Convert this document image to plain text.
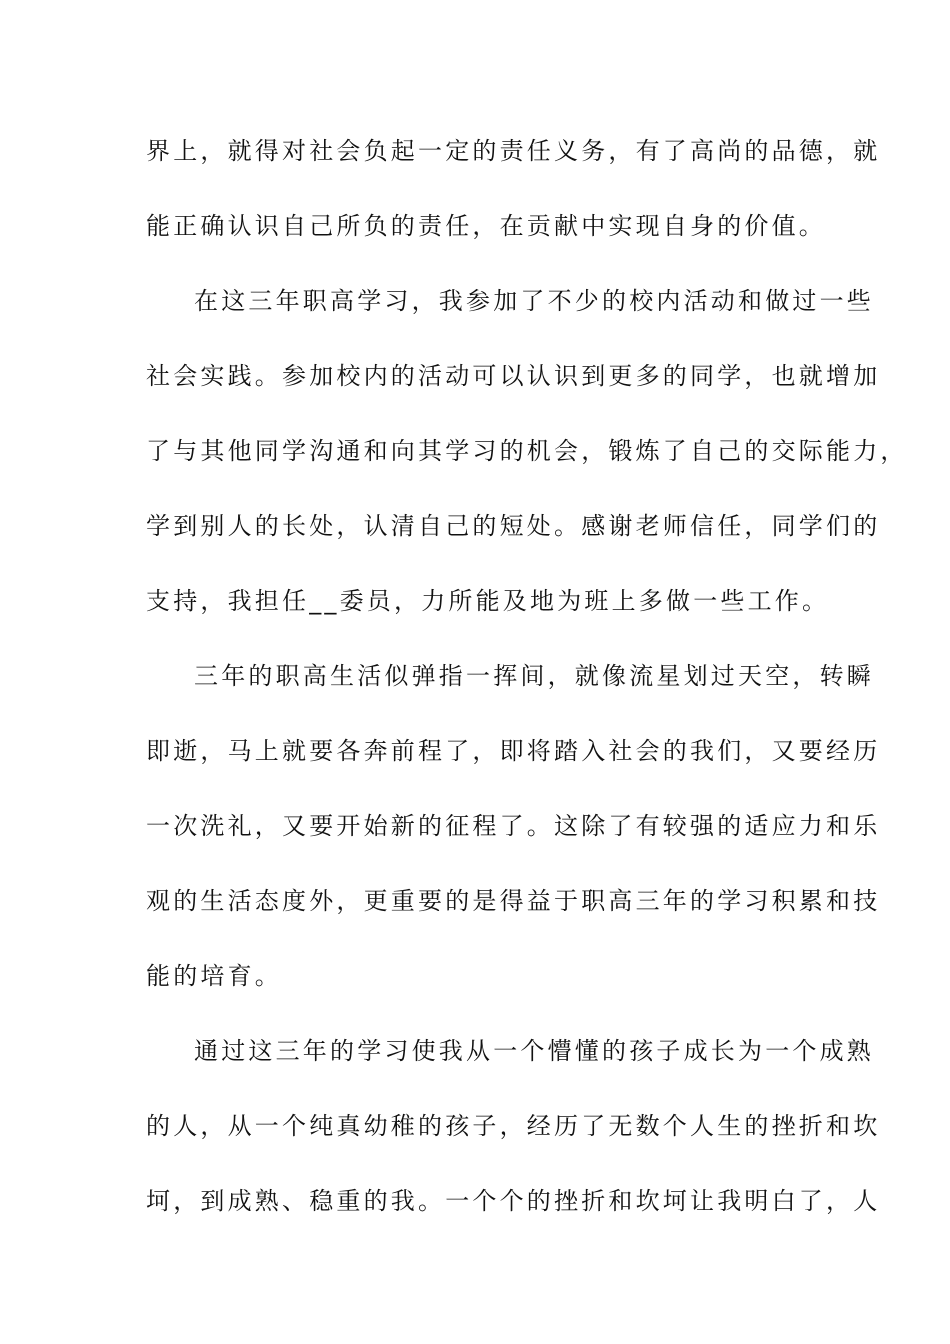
界上，就得对社会负起一定的责任义务，有了高尚的品德，就
能正确认识自己所负的责任，在贡献中实现自身的价值。
在这三年职高学习，我参加了不少的校内活动和做过一些
社会实践。参加校内的活动可以认识到更多的同学，也就增加
了与其他同学沟通和向其学习的机会，锻炼了自己的交际能力，
学到别人的长处，认清自己的短处。感谢老师信任，同学们的
支持，我担任__委员，力所能及地为班上多做一些工作。
三年的职高生活似弹指一挥间，就像流星划过天空，转瞬
即逝，马上就要各奔前程了，即将踏入社会的我们，又要经历
一次洗礼，又要开始新的征程了。这除了有较强的适应力和乐
观的生活态度外，更重要的是得益于职高三年的学习积累和技
能的培育。
通过这三年的学习使我从一个懵懂的孩子成长为一个成熟
的人，从一个纯真幼稚的孩子，经历了无数个人生的挫折和坎
坷，到成熟、稳重的我。一个个的挫折和坎坷让我明白了，人
